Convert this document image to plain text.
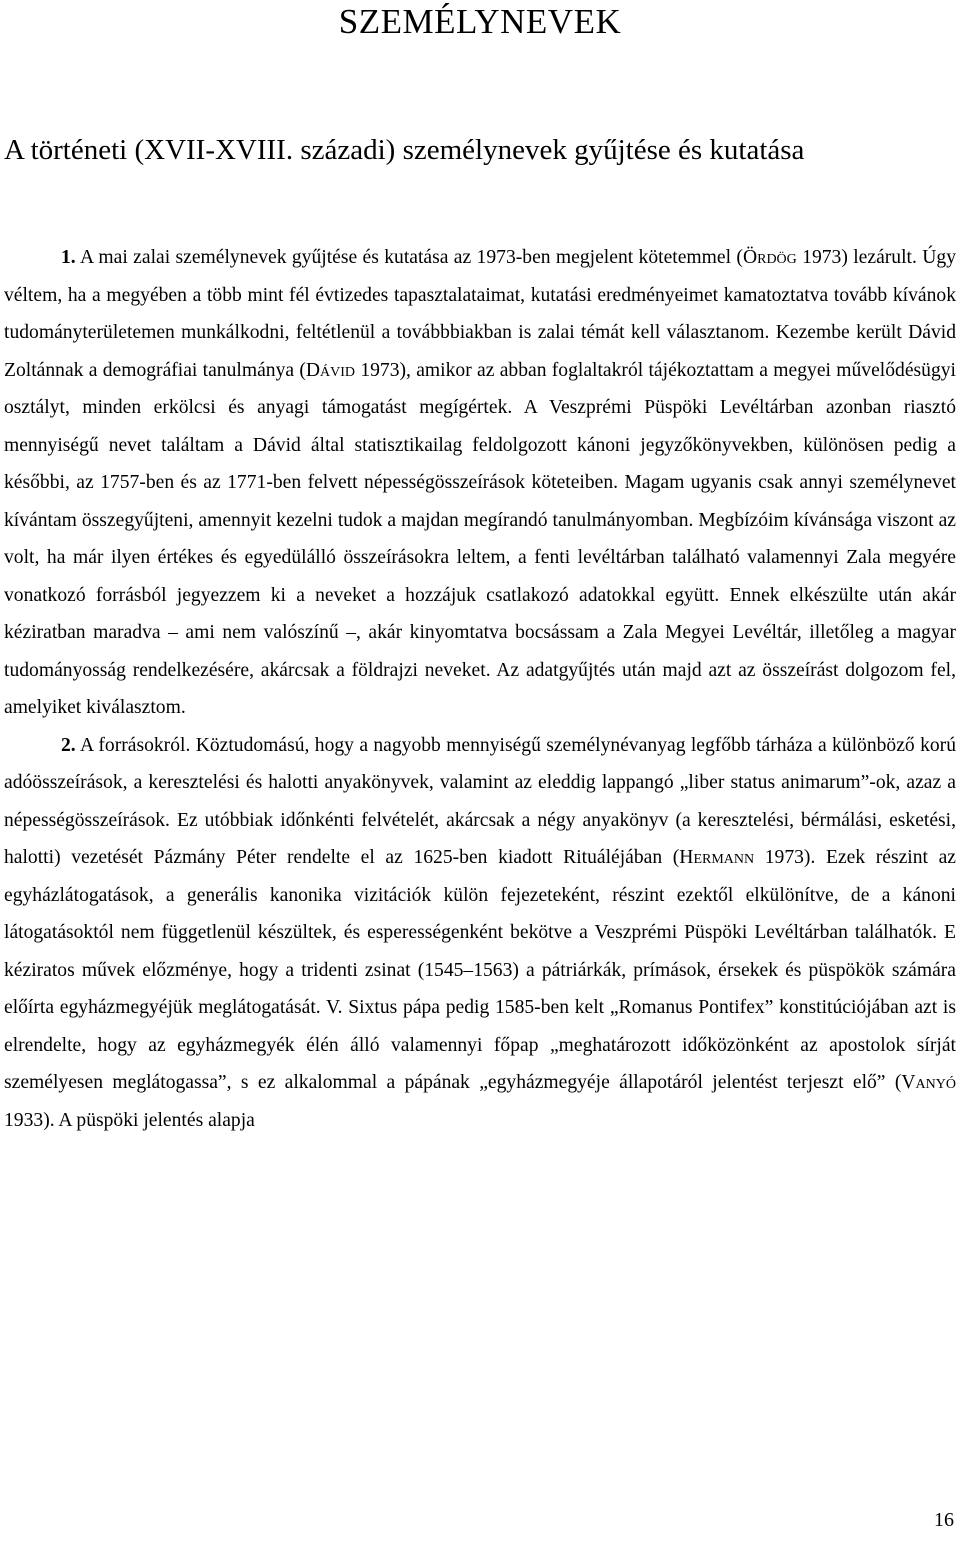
SZEMÉLYNEVEK
A történeti (XVII-XVIII. századi) személynevek gyűjtése és kutatása

1. A mai zalai személynevek gyűjtése és kutatása az 1973-ben megjelent kötetemmel (Ördög 1973) lezárult. Úgy véltem, ha a megyében a több mint fél évtizedes tapasztalataimat, kutatási eredményeimet kamatoztatva tovább kívánok tudományterületemen munkálkodni, feltétlenül a továbbbiakban is zalai témát kell választanom. Kezembe került Dávid Zoltánnak a demográfiai tanulmánya (Dávid 1973), amikor az abban foglaltakról tájékoztattam a megyei művelődésügyi osztályt, minden erkölcsi és anyagi támogatást megígértek. A Veszprémi Püspöki Levéltárban azonban riasztó mennyiségű nevet találtam a Dávid által statisztikailag feldolgozott kánoni jegyzőkönyvekben, különösen pedig a későbbi, az 1757-ben és az 1771-ben felvett népességösszeírások köteteiben. Magam ugyanis csak annyi személynevet kívántam összegyűjteni, amennyit kezelni tudok a majdan megírandó tanulmányomban. Megbízóim kívánsága viszont az volt, ha már ilyen értékes és egyedülálló összeírásokra leltem, a fenti levéltárban található valamennyi Zala megyére vonatkozó forrásból jegyezzem ki a neveket a hozzájuk csatlakozó adatokkal együtt. Ennek elkészülte után akár kéziratban maradva – ami nem valószínű –, akár kinyomtatva bocsássam a Zala Megyei Levéltár, illetőleg a magyar tudományosság rendelkezésére, akárcsak a földrajzi neveket. Az adatgyűjtés után majd azt az összeírást dolgozom fel, amelyiket kiválasztom.

2. A forrásokról. Köztudomású, hogy a nagyobb mennyiségű személynévanyag legfőbb tárháza a különböző korú adóösszeírások, a keresztelési és halotti anyakönyvek, valamint az eleddig lappangó „liber status animarum”-ok, azaz a népességösszeírások. Ez utóbbiak időnkénti felvételét, akárcsak a négy anyakönyv (a keresztelési, bérmálási, esketési, halotti) vezetését Pázmány Péter rendelte el az 1625-ben kiadott Rituáléjában (Hermann 1973). Ezek részint az egyházlátogatások, a generális kanonika vizitációk külön fejezeteként, részint ezektől elkülönítve, de a kánoni látogatásoktól nem függetlenül készültek, és esperességenként bekötve a Veszprémi Püspöki Levéltárban találhatók. E kéziratos művek előzménye, hogy a tridenti zsinat (1545–1563) a pátriárkák, prímások, érsekek és püspökök számára előírta egyházmegyéjük meglátogatását. V. Sixtus pápa pedig 1585-ben kelt „Romanus Pontifex” konstitúciójában azt is elrendelte, hogy az egyházmegyék élén álló valamennyi főpap „meghatározott időközönként az apostolok sírját személyesen meglátogassa”, s ez alkalommal a pápának „egyházmegyéje állapotáról jelentést terjeszt elő” (Vanyó 1933). A püspöki jelentés alapja

16
